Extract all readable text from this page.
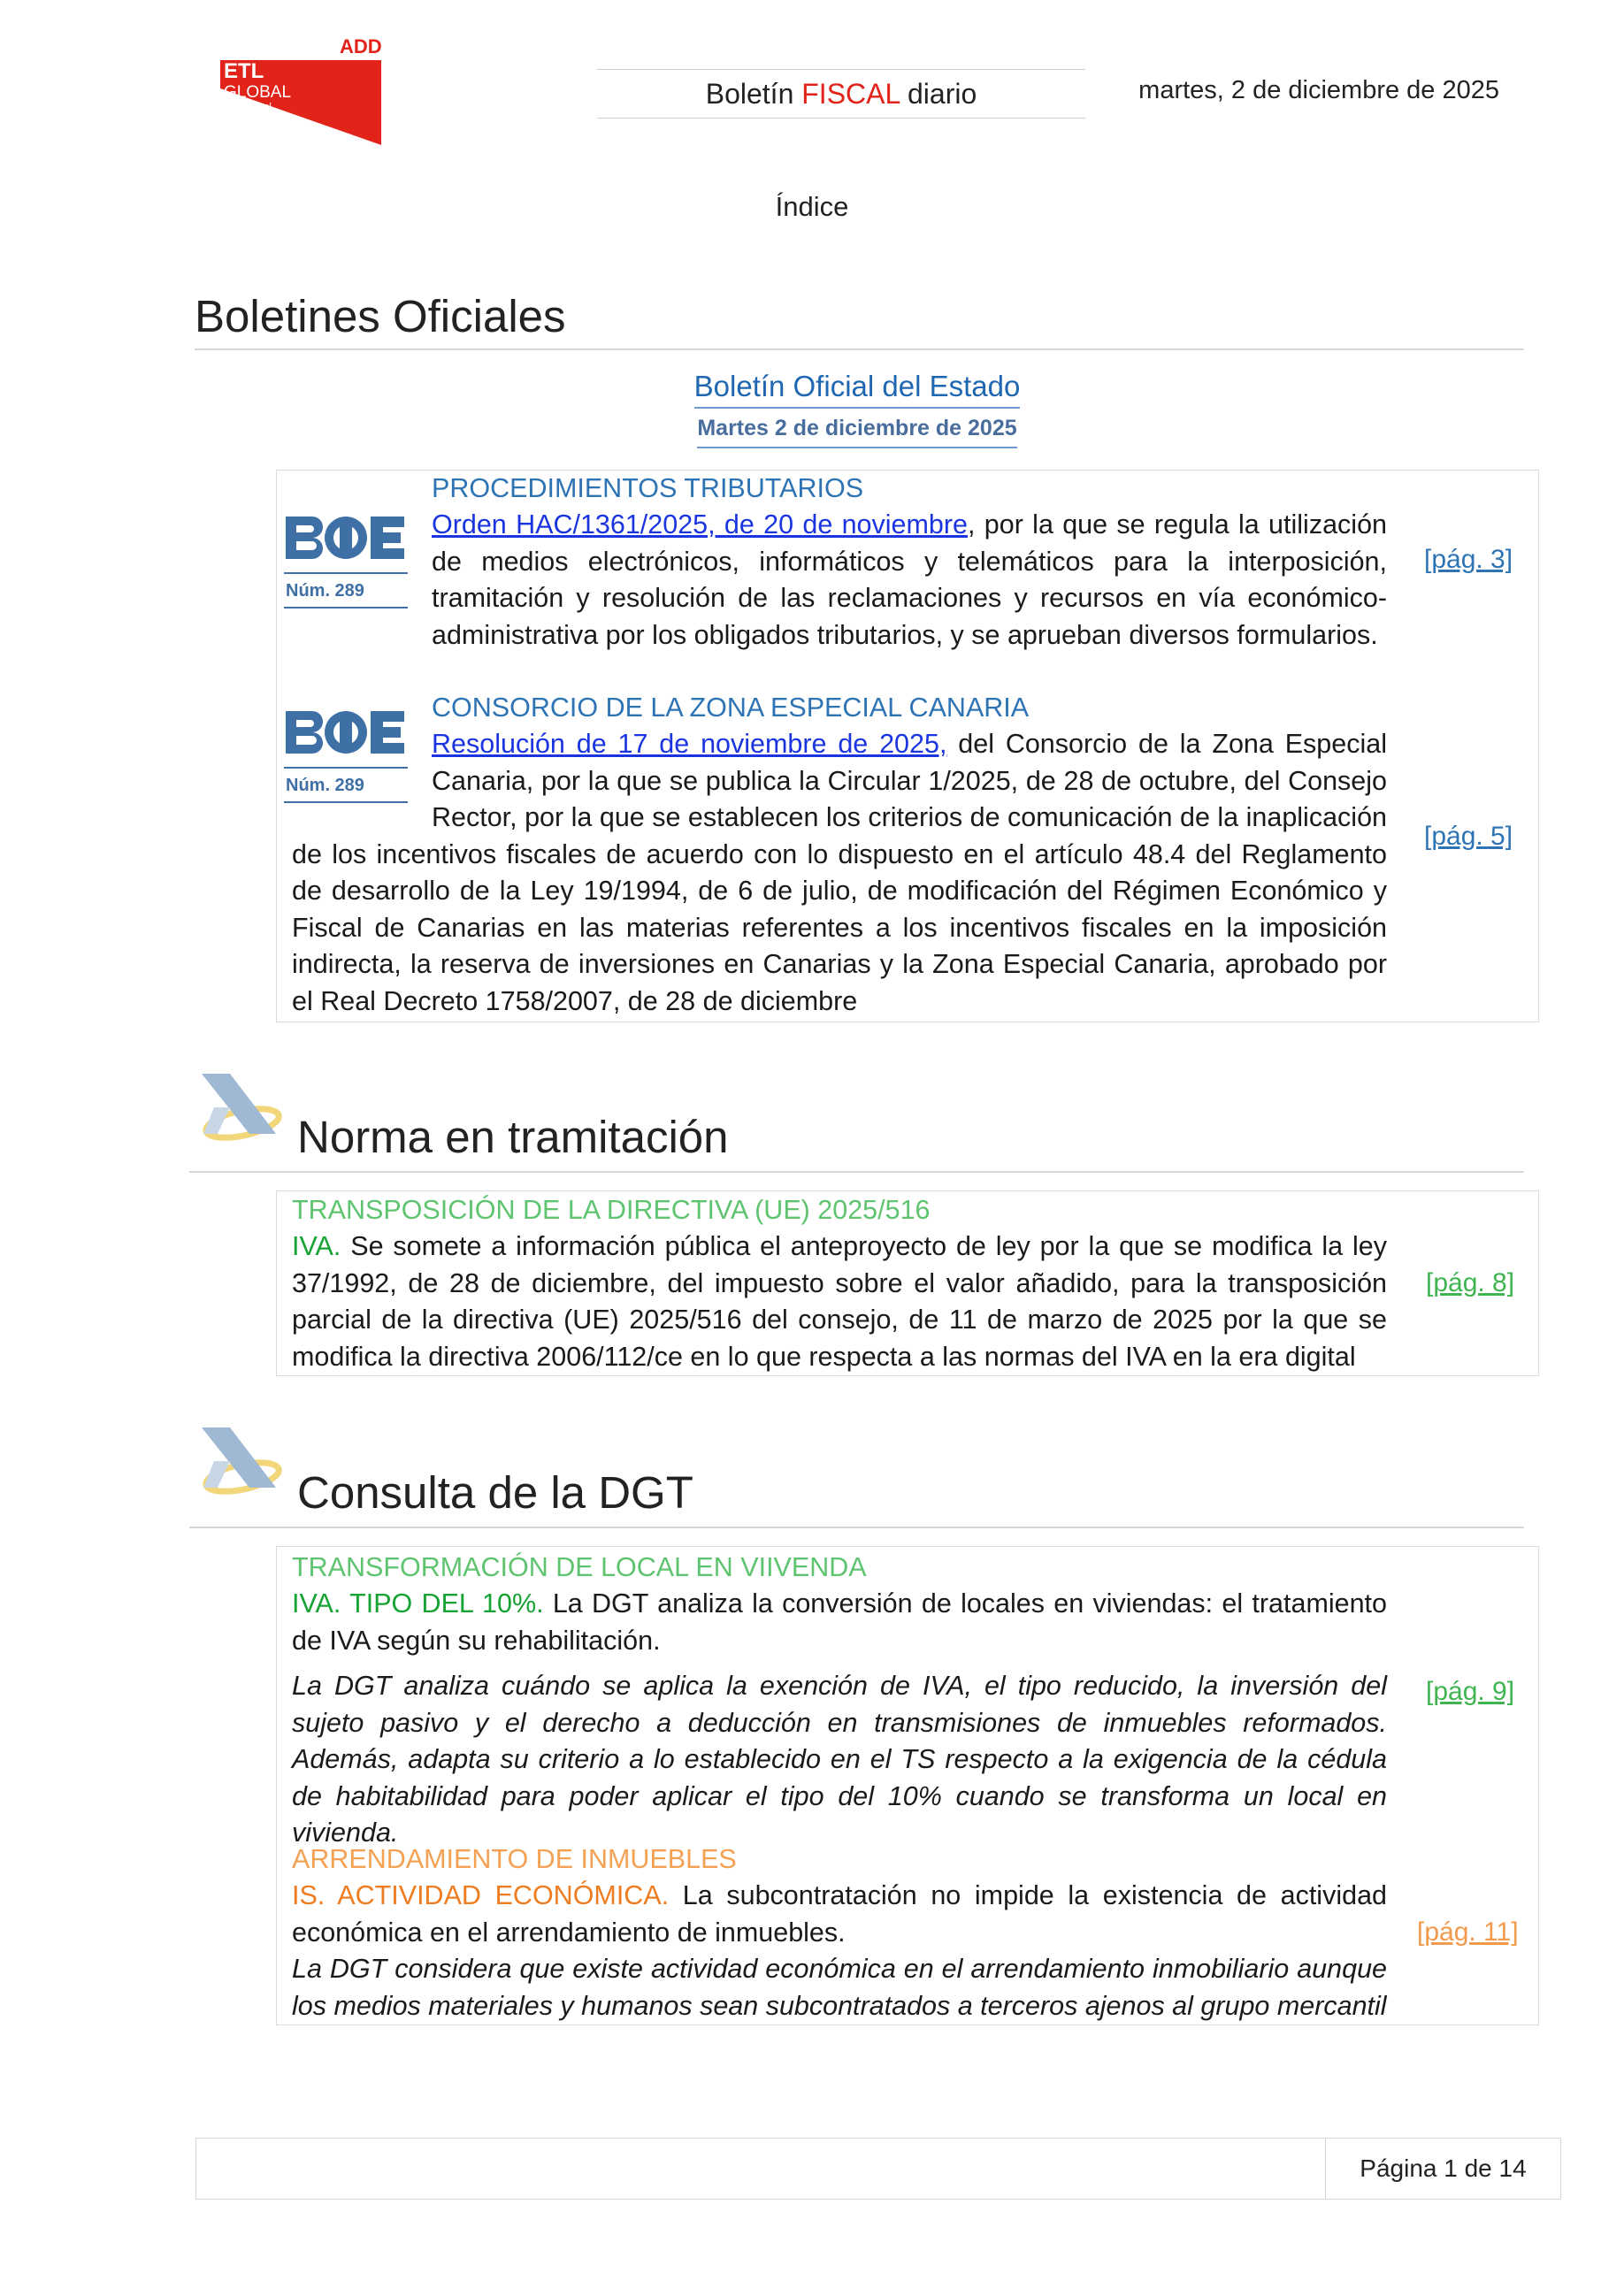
ADD
ETL
GLOBAL
Tax · Legal	Boletín FISCAL diario	martes, 2 de diciembre de 2025
Índice
Boletines Oficiales
Boletín Oficial del Estado
Martes 2 de diciembre de 2025
Núm. 289
PROCEDIMIENTOS TRIBUTARIOS
Orden HAC/1361/2025, de 20 de noviembre, por la que se regula la utilización de medios electrónicos, informáticos y telemáticos para la interposición, tramitación y resolución de las reclamaciones y recursos en vía económico-administrativa por los obligados tributarios, y se aprueban diversos formularios.
[pág. 3]
Núm. 289
CONSORCIO DE LA ZONA ESPECIAL CANARIA
Resolución de 17 de noviembre de 2025, del Consorcio de la Zona Especial Canaria, por la que se publica la Circular 1/2025, de 28 de octubre, del Consejo Rector, por la que se establecen los criterios de comunicación de la inaplicación de los incentivos fiscales de acuerdo con lo dispuesto en el artículo 48.4 del Reglamento de desarrollo de la Ley 19/1994, de 6 de julio, de modificación del Régimen Económico y Fiscal de Canarias en las materias referentes a los incentivos fiscales en la imposición indirecta, la reserva de inversiones en Canarias y la Zona Especial Canaria, aprobado por el Real Decreto 1758/2007, de 28 de diciembre
[pág. 5]
Norma en tramitación
TRANSPOSICIÓN DE LA DIRECTIVA (UE) 2025/516
IVA. Se somete a información pública el anteproyecto de ley por la que se modifica la ley 37/1992, de 28 de diciembre, del impuesto sobre el valor añadido, para la transposición parcial de la directiva (UE) 2025/516 del consejo, de 11 de marzo de 2025 por la que se modifica la directiva 2006/112/ce en lo que respecta a las normas del IVA en la era digital
[pág. 8]
Consulta de la DGT
TRANSFORMACIÓN DE LOCAL EN VIIVENDA
IVA. TIPO DEL 10%. La DGT analiza la conversión de locales en viviendas: el tratamiento de IVA según su rehabilitación.
La DGT analiza cuándo se aplica la exención de IVA, el tipo reducido, la inversión del sujeto pasivo y el derecho a deducción en transmisiones de inmuebles reformados. Además, adapta su criterio a lo establecido en el TS respecto a la exigencia de la cédula de habitabilidad para poder aplicar el tipo del 10% cuando se transforma un local en vivienda.
[pág. 9]
ARRENDAMIENTO DE INMUEBLES
IS. ACTIVIDAD ECONÓMICA. La subcontratación no impide la existencia de actividad económica en el arrendamiento de inmuebles.
La DGT considera que existe actividad económica en el arrendamiento inmobiliario aunque los medios materiales y humanos sean subcontratados a terceros ajenos al grupo mercantil
[pág. 11]
Página 1 de 14
